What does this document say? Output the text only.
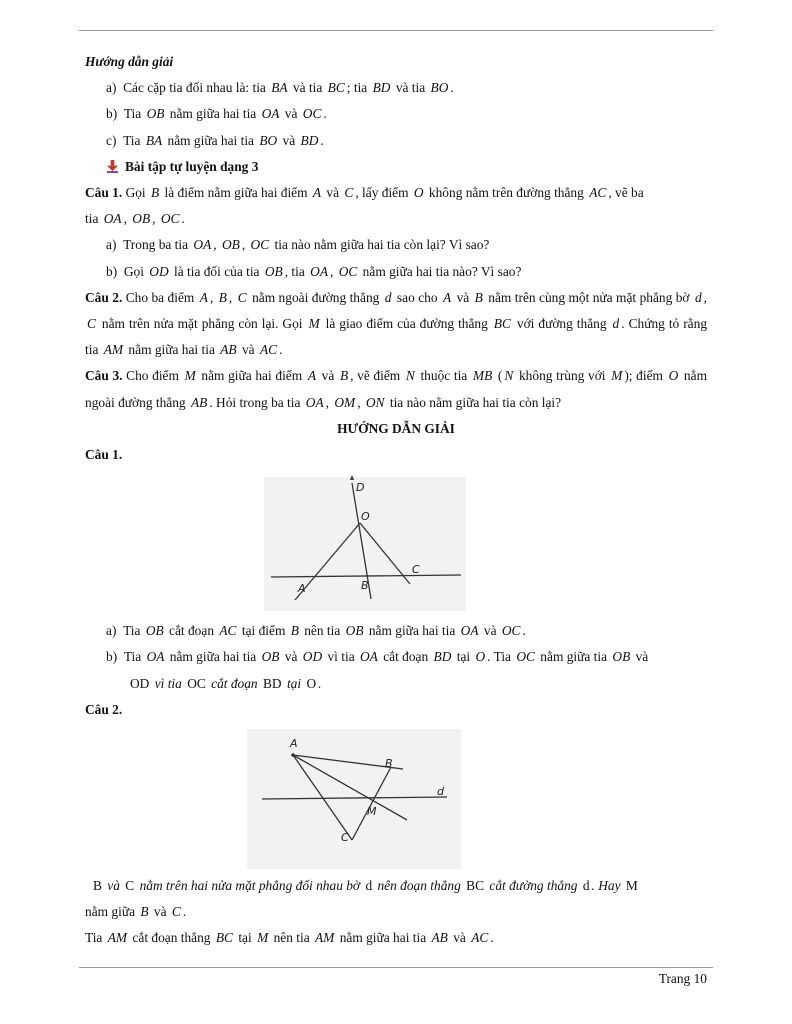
Hướng dẫn giải

a)  Các cặp tia đối nhau là: tia BA và tia BC ; tia BD và tia BO .

b)  Tia OB nằm giữa hai tia OA và OC .

c)  Tia BA nằm giữa hai tia BO và BD .

Bài tập tự luyện dạng 3

Câu 1. Gọi B là điểm nằm giữa hai điểm A và C , lấy điểm O không nằm trên đường thẳng AC , vẽ ba

tia OA , OB , OC .

a)  Trong ba tia OA , OB , OC tia nào nằm giữa hai tia còn lại? Vì sao?

b)  Gọi OD là tia đối của tia OB , tia OA , OC nằm giữa hai tia nào? Vì sao?

Câu 2. Cho ba điểm A , B , C nằm ngoài đường thẳng d sao cho A và B nằm trên cùng một nửa mặt phẳng bờ d , C nằm trên nửa mặt phẳng còn lại. Gọi M là giao điểm của đường thẳng BC với đường thẳng d . Chứng tỏ rằng tia AM nằm giữa hai tia AB và AC .

Câu 3. Cho điểm M nằm giữa hai điểm A và B , vẽ điểm N thuộc tia MB ( N không trùng với M ); điểm O nằm ngoài đường thẳng AB . Hỏi trong ba tia OA , OM , ON tia nào nằm giữa hai tia còn lại?

HƯỚNG DẪN GIẢI

Câu 1.

D
O
C
A	B

a)  Tia OB cắt đoạn AC tại điểm B nên tia OB nằm giữa hai tia OA và OC .

b)  Tia OA nằm giữa hai tia OB và OD vì tia OA cắt đoạn BD tại O . Tia OC nằm giữa tia OB và

OD vì tia OC cắt đoạn BD tại O .

Câu 2.

A
B
d
M
C

B và C nằm trên hai nửa mặt phẳng đối nhau bờ d nên đoạn thẳng BC cắt đường thẳng d . Hay M

nằm giữa B và C .

Tia AM cắt đoạn thẳng BC tại M nên tia AM nằm giữa hai tia AB và AC .

Trang 10
